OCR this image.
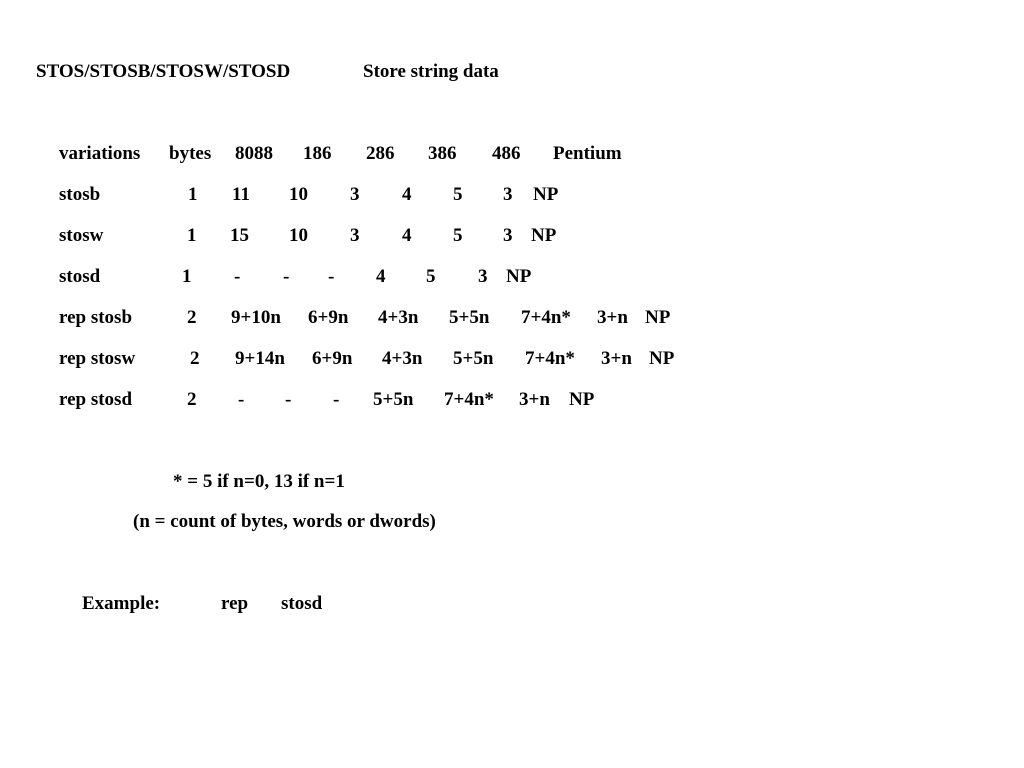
STOS/STOSB/STOSW/STOSD	Store string data
variations bytes 8088 186 286 386 486 Pentium
stosb	1 11 10 3 4 5 3 NP
stosw	1 15 10 3 4 5 3 NP
stosd	1 - - - 4 5 3 NP
rep stosb	2 9+10n 6+9n 4+3n 5+5n 7+4n* 3+n NP
rep stosw	2 9+14n 6+9n 4+3n 5+5n 7+4n* 3+n NP
rep stosd	2 - - - 5+5n 7+4n* 3+n NP
* = 5 if n=0, 13 if n=1
(n = count of bytes, words or dwords)
Example:	rep stosd
